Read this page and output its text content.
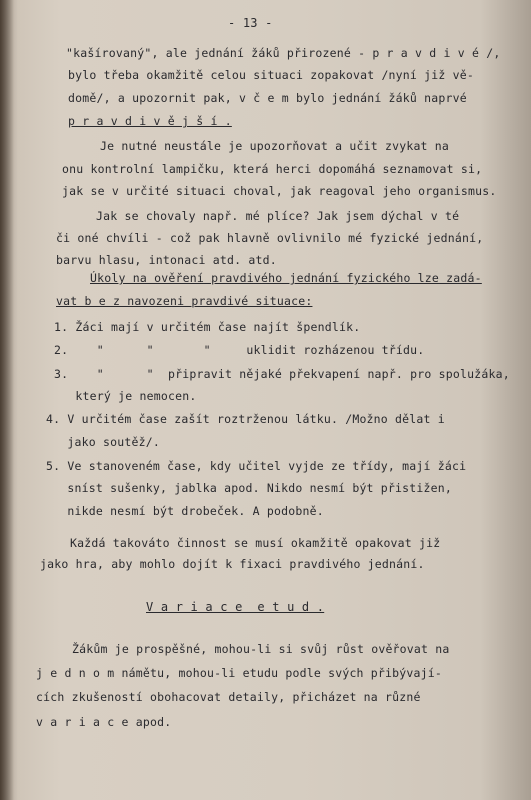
- 13 -
"kašírovaný", ale jednání žáků přirozené - p r a v d i v é /,
bylo třeba okamžitě celou situaci zopakovat /nyní již vě-
domě/, a upozornit pak, v č e m bylo jednání žáků naprvé
p r a v d i v ě j š í .
Je nutné neustále je upozorňovat a učit zvykat na
onu kontrolní lampičku, která herci dopomáhá seznamovat si,
jak se v určité situaci choval, jak reagoval jeho organismus.
Jak se chovaly např. mé plíce? Jak jsem dýchal v té
či oné chvíli - což pak hlavně ovlivnilo mé fyzické jednání,
barvu hlasu, intonaci atd. atd.
Úkoly na ověření pravdivého jednání fyzického lze zadá-
vat b e z navozeni pravdivé situace:
1. Žáci mají v určitém čase najít špendlík.
2.    "      "       "     uklidit rozházenou třídu.
3.    "      "  připravit nějaké překvapení např. pro spolužáka,
který je nemocen.
4. V určitém čase zašít roztrženou látku. /Možno dělat i
jako soutěž/.
5. Ve stanoveném čase, kdy učitel vyjde ze třídy, mají žáci
sníst sušenky, jablka apod. Nikdo nesmí být přistižen,
nikde nesmí být drobeček. A podobně.
Každá takováto činnost se musí okamžitě opakovat již
jako hra, aby mohlo dojít k fixaci pravdivého jednání.
V a r i a c e  e t u d .
Žákům je prospěšné, mohou-li si svůj růst ověřovat na
j e d n o m námětu, mohou-li etudu podle svých přibývají-
cích zkušeností obohacovat detaily, přicházet na různé
v a r i a c e apod.
